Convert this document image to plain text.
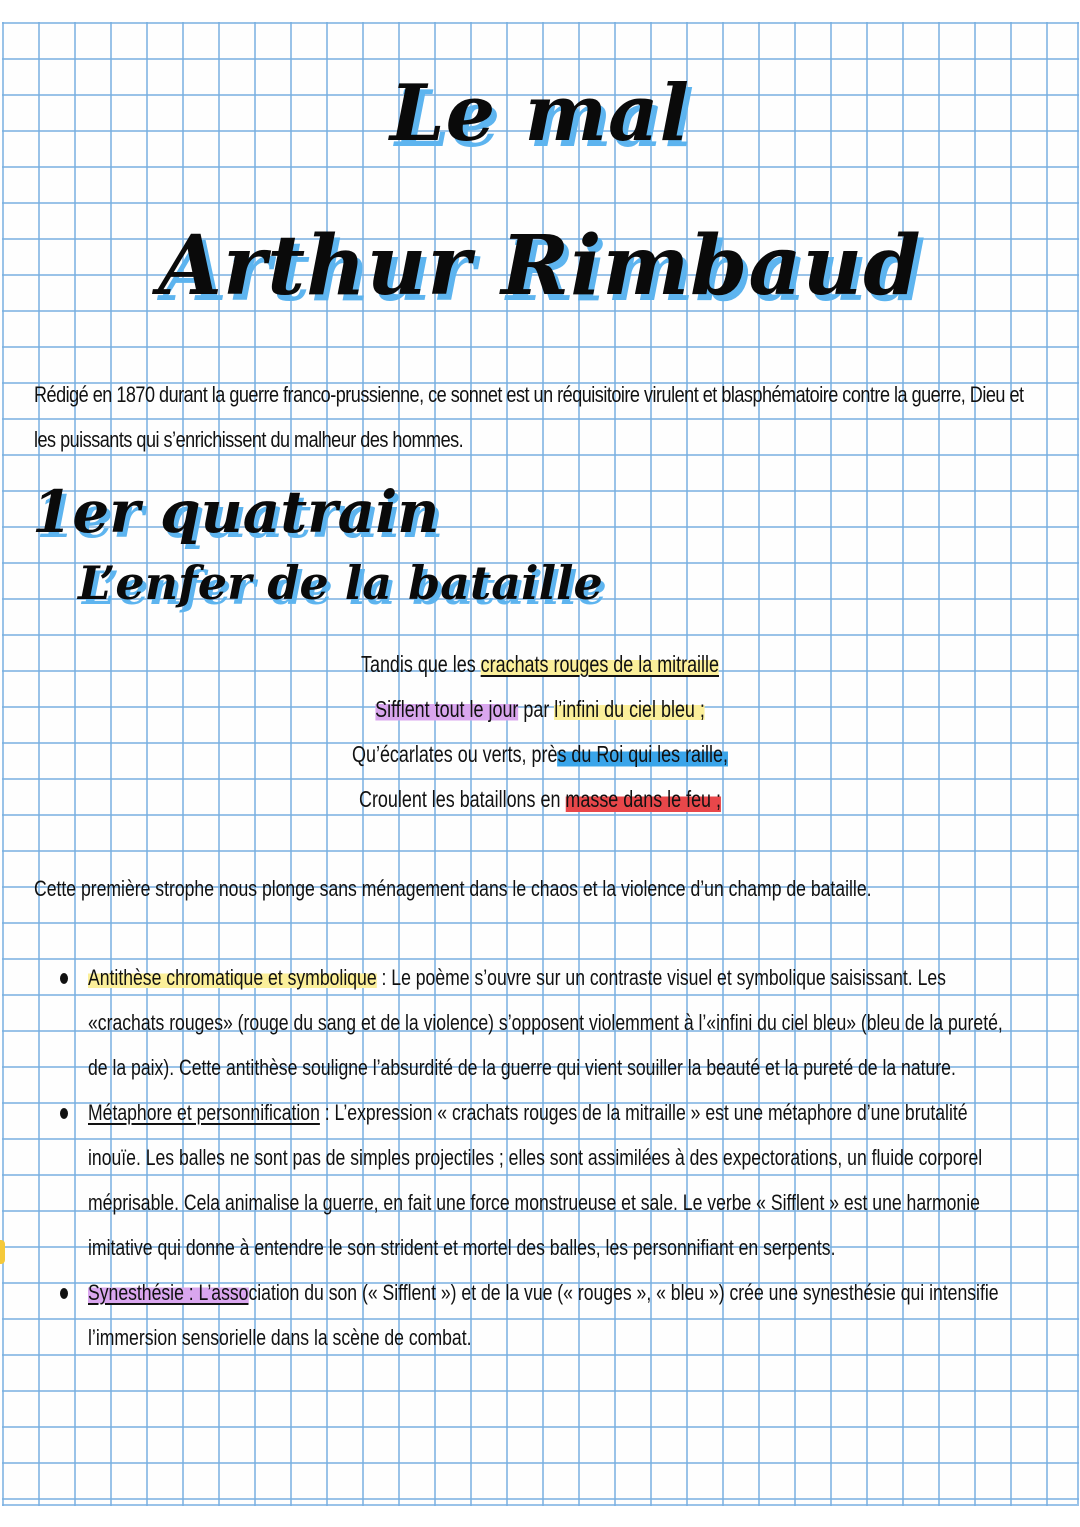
Le mal
Arthur Rimbaud
Rédigé en 1870 durant la guerre franco-prussienne, ce sonnet est un réquisitoire virulent et blasphématoire contre la guerre, Dieu et les puissants qui s’enrichissent du malheur des hommes.
1er quatrain
L’enfer de la bataille
Tandis que les crachats rouges de la mitraille
Sifflent tout le jour par l’infini du ciel bleu ;
Qu’écarlates ou verts, près du Roi qui les raille,
Croulent les bataillons en masse dans le feu ;
Cette première strophe nous plonge sans ménagement dans le chaos et la violence d’un champ de bataille.
Antithèse chromatique et symbolique : Le poème s’ouvre sur un contraste visuel et symbolique saisissant. Les «crachats rouges» (rouge du sang et de la violence) s’opposent violemment à l’«infini du ciel bleu» (bleu de la pureté, de la paix). Cette antithèse souligne l’absurdité de la guerre qui vient souiller la beauté et la pureté de la nature.
Métaphore et personnification : L’expression « crachats rouges de la mitraille » est une métaphore d’une brutalité inouïe. Les balles ne sont pas de simples projectiles ; elles sont assimilées à des expectorations, un fluide corporel méprisable. Cela animalise la guerre, en fait une force monstrueuse et sale. Le verbe « Sifflent » est une harmonie imitative qui donne à entendre le son strident et mortel des balles, les personnifiant en serpents.
Synesthésie : L’association du son (« Sifflent ») et de la vue (« rouges », « bleu ») crée une synesthésie qui intensifie l’immersion sensorielle dans la scène de combat.
